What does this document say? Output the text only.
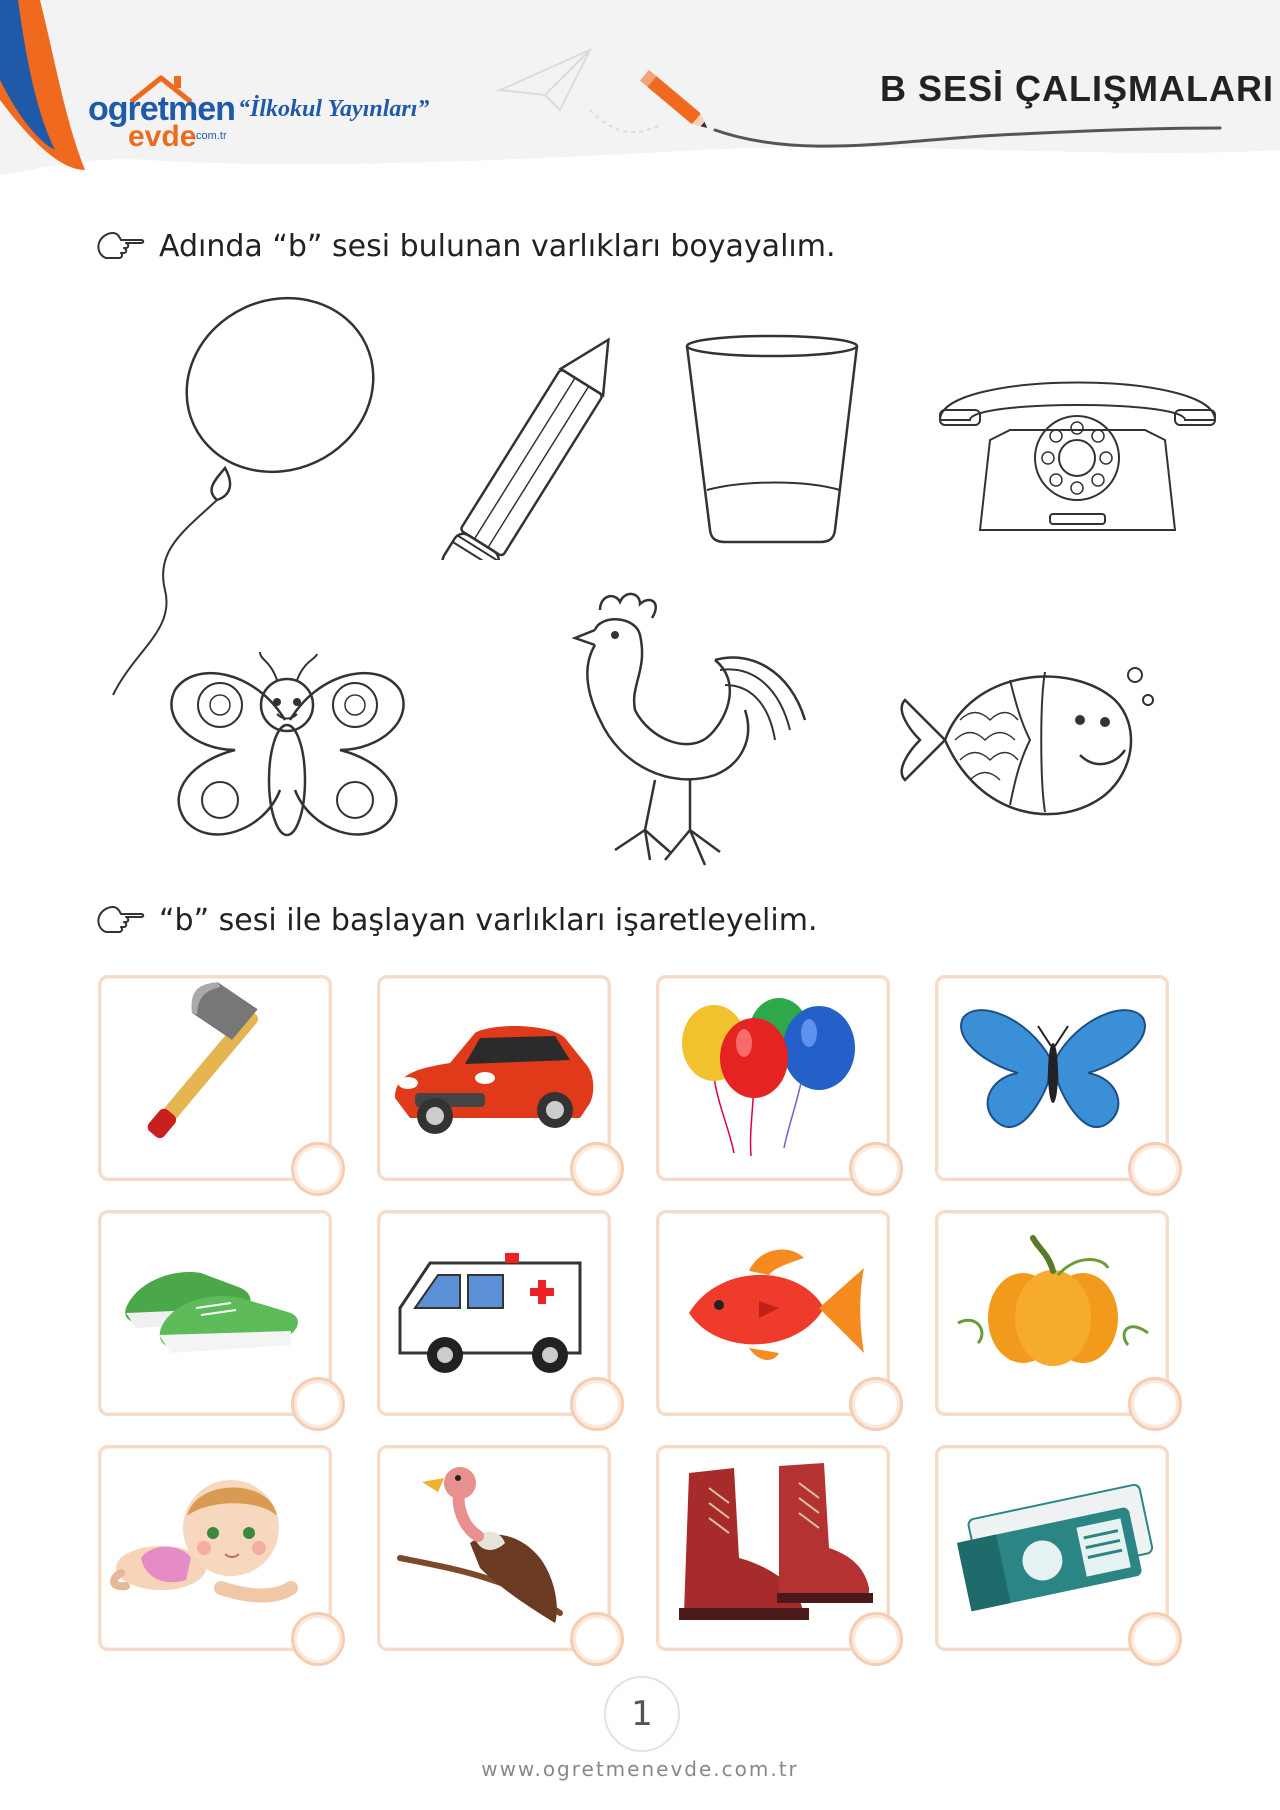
ogretmen
evde
.com.tr
“İlkokul Yayınları”	B SESİ ÇALIŞMALARI
Adında “b” sesi bulunan varlıkları boyayalım.
“b” sesi ile başlayan varlıkları işaretleyelim.
1
www.ogretmenevde.com.tr
